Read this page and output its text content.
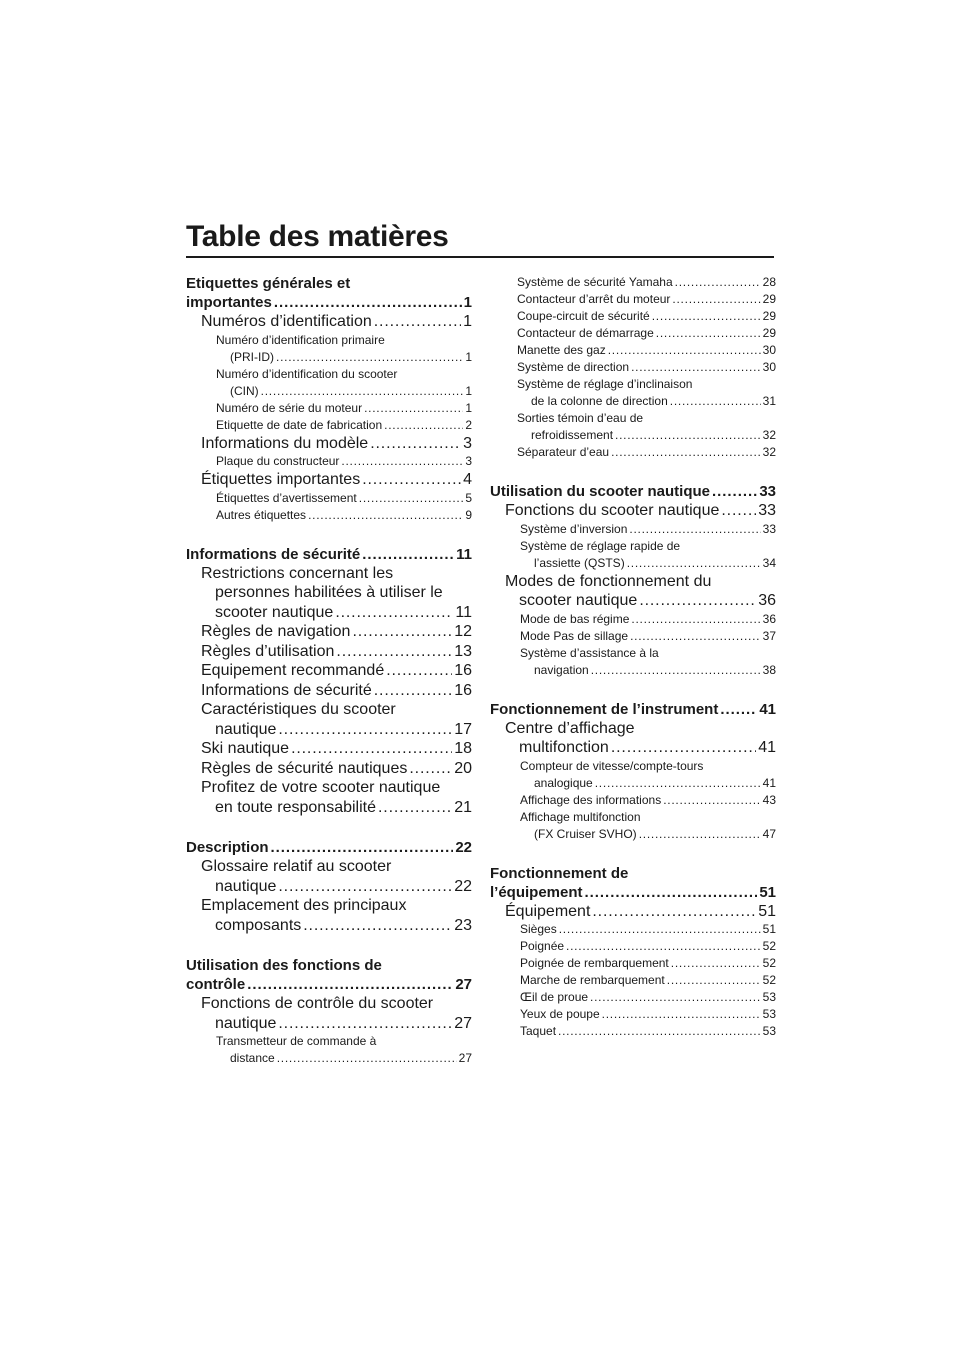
Table des matières
Etiquettes générales et
importantes . . .	1
Numéros d’identification . . .	1
Numéro d’identification primaire
(PRI-ID) . . .	1
Numéro d’identification du scooter
(CIN) . . .	1
Numéro de série du moteur . . .	1
Etiquette de date de fabrication . . .	2
Informations du modèle . . .	3
Plaque du constructeur . . .	3
Étiquettes importantes . . .	4
Étiquettes d’avertissement . . .	5
Autres étiquettes . . .	9
Informations de sécurité . . .	11
Restrictions concernant les
personnes habilitées à utiliser le
scooter nautique . . .	11
Règles de navigation . . .	12
Règles d’utilisation . . .	13
Equipement recommandé . . .	16
Informations de sécurité . . .	16
Caractéristiques du scooter
nautique . . .	17
Ski nautique . . .	18
Règles de sécurité nautiques . . .	20
Profitez de votre scooter nautique
en toute responsabilité . . .	21
Description . . .	22
Glossaire relatif au scooter
nautique . . .	22
Emplacement des principaux
composants . . .	23
Utilisation des fonctions de
contrôle . . .	27
Fonctions de contrôle du scooter
nautique . . .	27
Transmetteur de commande à
distance . . .	27
Système de sécurité Yamaha . . .	28
Contacteur d’arrêt du moteur . . .	29
Coupe-circuit de sécurité . . .	29
Contacteur de démarrage . . .	29
Manette des gaz . . .	30
Système de direction . . .	30
Système de réglage d’inclinaison
de la colonne de direction . . .	31
Sorties témoin d’eau de
refroidissement . . .	32
Séparateur d’eau . . .	32
Utilisation du scooter nautique . . .	33
Fonctions du scooter nautique . . . 33
Système d’inversion . . .	33
Système de réglage rapide de
l’assiette (QSTS) . . .	34
Modes de fonctionnement du
scooter nautique . . .	36
Mode de bas régime . . .	36
Mode Pas de sillage . . .	37
Système d’assistance à la
navigation . . .	38
Fonctionnement de l’instrument . . .	41
Centre d’affichage
multifonction . . .	41
Compteur de vitesse/compte-tours
analogique . . .	41
Affichage des informations . . .	43
Affichage multifonction
(FX Cruiser SVHO) . . .	47
Fonctionnement de
l’équipement . . .	51
Équipement . . .	51
Sièges . . .	51
Poignée . . .	52
Poignée de rembarquement . . .	52
Marche de rembarquement . . .	52
Œil de proue . . .	53
Yeux de poupe . . .	53
Taquet . . .	53
